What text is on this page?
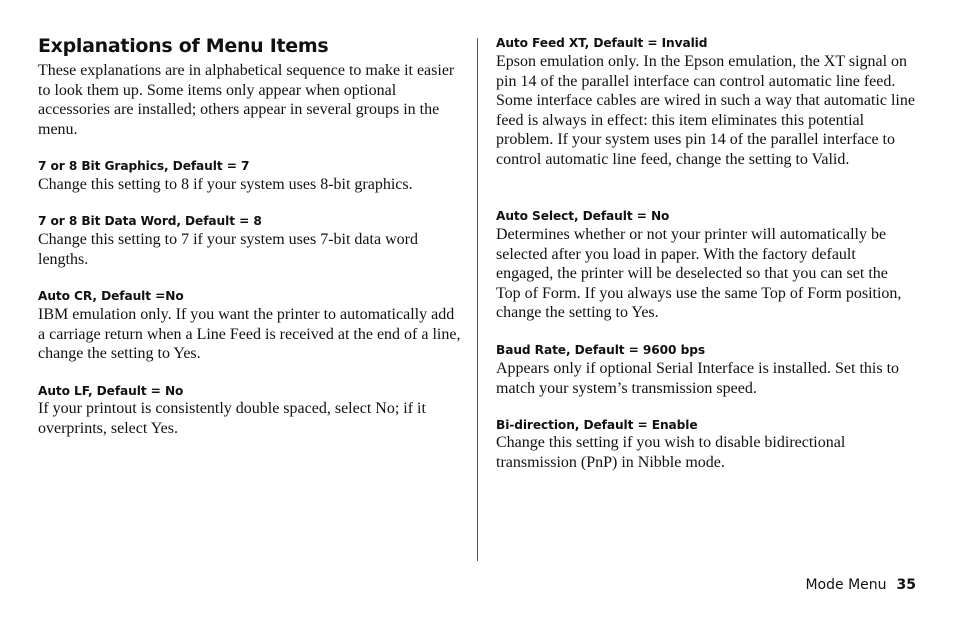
Explanations of Menu Items

These explanations are in alphabetical sequence to make it easier to look them up. Some items only appear when optional accessories are installed; others appear in several groups in the menu.

7 or 8 Bit Graphics, Default = 7

Change this setting to 8 if your system uses 8-bit graphics.

7 or 8 Bit Data Word, Default = 8

Change this setting to 7 if your system uses 7-bit data word lengths.

Auto CR, Default =No

IBM emulation only. If you want the printer to automatically add a carriage return when a Line Feed is received at the end of a line, change the setting to Yes.

Auto LF, Default = No

If your printout is consistently double spaced, select No; if it overprints, select Yes.

Auto Feed XT, Default = Invalid

Epson emulation only. In the Epson emulation, the XT signal on pin 14 of the parallel interface can control automatic line feed. Some interface cables are wired in such a way that automatic line feed is always in effect: this item eliminates this potential problem. If your system uses pin 14 of the parallel interface to control automatic line feed, change the setting to Valid.

Auto Select, Default = No

Determines whether or not your printer will automatically be selected after you load in paper. With the factory default engaged, the printer will be deselected so that you can set the Top of Form. If you always use the same Top of Form position, change the setting to Yes.

Baud Rate, Default = 9600 bps

Appears only if optional Serial Interface is installed. Set this to match your system’s transmission speed.

Bi-direction, Default = Enable

Change this setting if you wish to disable bidirectional transmission (PnP) in Nibble mode.

Mode Menu 35
